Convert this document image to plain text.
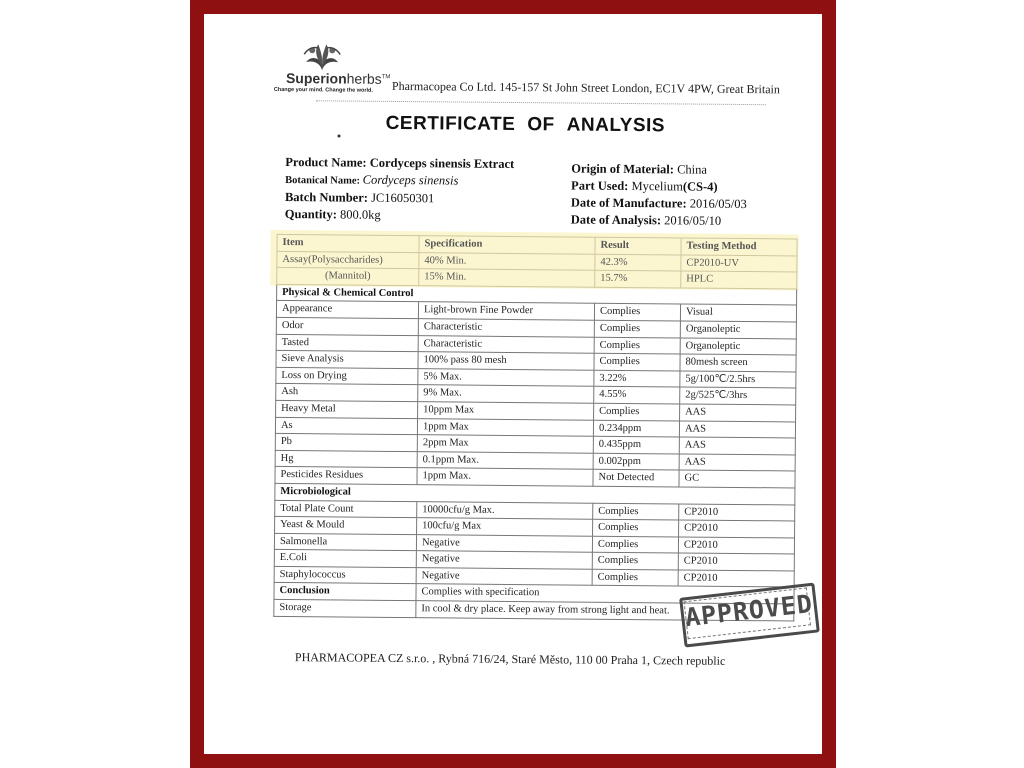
Superionherbs™
Change your mind. Change the world. Pharmacopea Co Ltd. 145-157 St John Street London, EC1V 4PW, Great Britain
CERTIFICATE OF ANALYSIS
Product Name: Cordyceps sinensis Extract
Botanical Name: Cordyceps sinensis
Batch Number: JC16050301
Quantity: 800.0kg
Origin of Material: China
Part Used: Mycelium(CS-4)
Date of Manufacture: 2016/05/03
Date of Analysis: 2016/05/10
Item	Specification	Result	Testing Method
Assay(Polysaccharides)	40% Min.	42.3%	CP2010-UV
(Mannitol)	15% Min.	15.7%	HPLC
Physical & Chemical Control			
Appearance	Light-brown Fine Powder	Complies	Visual
Odor	Characteristic	Complies	Organoleptic
Tasted	Characteristic	Complies	Organoleptic
Sieve Analysis	100% pass 80 mesh	Complies	80mesh screen
Loss on Drying	5% Max.	3.22%	5g/100℃/2.5hrs
Ash	9% Max.	4.55%	2g/525℃/3hrs
Heavy Metal	10ppm Max	Complies	AAS
As	1ppm Max	0.234ppm	AAS
Pb	2ppm Max	0.435ppm	AAS
Hg	0.1ppm Max.	0.002ppm	AAS
Pesticides Residues	1ppm Max.	Not Detected	GC
Microbiological			
Total Plate Count	10000cfu/g Max.	Complies	CP2010
Yeast & Mould	100cfu/g Max	Complies	CP2010
Salmonella	Negative	Complies	CP2010
E.Coli	Negative	Complies	CP2010
Staphylococcus	Negative	Complies	CP2010
Conclusion	Complies with specification		
Storage	In cool & dry place. Keep away from strong light and heat.		APPROVED
PHARMACOPEA CZ s.r.o. , Rybná 716/24, Staré Město, 110 00 Praha 1, Czech republic
